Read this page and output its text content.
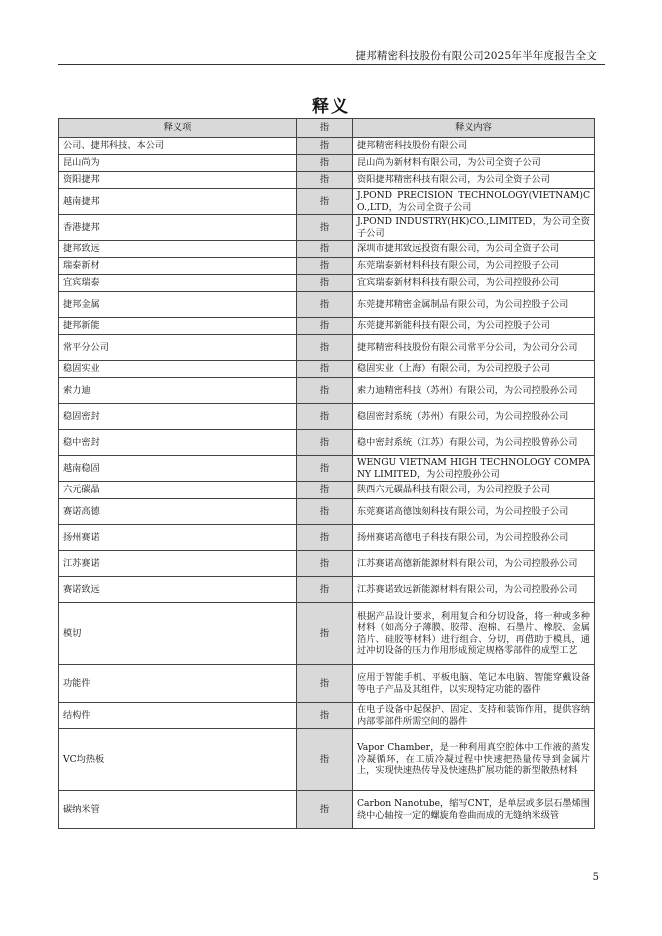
捷邦精密科技股份有限公司2025年半年度报告全文
释义
释义项	指	释义内容
公司、捷邦科技、本公司	指	捷邦精密科技股份有限公司
昆山尚为	指	昆山尚为新材料有限公司，为公司全资子公司
资阳捷邦	指	资阳捷邦精密科技有限公司，为公司全资子公司
越南捷邦	指	J.POND PRECISION TECHNOLOGY(VIETNAM)CO.,LTD，为公司全资子公司
香港捷邦	指	J.POND INDUSTRY(HK)CO.,LIMITED，为公司全资子公司
捷邦致远	指	深圳市捷邦致远投资有限公司，为公司全资子公司
瑞泰新材	指	东莞瑞泰新材料科技有限公司，为公司控股子公司
宜宾瑞泰	指	宜宾瑞泰新材料科技有限公司，为公司控股孙公司
捷邦金属	指	东莞捷邦精密金属制品有限公司，为公司控股子公司
捷邦新能	指	东莞捷邦新能科技有限公司，为公司控股子公司
常平分公司	指	捷邦精密科技股份有限公司常平分公司，为公司分公司
稳固实业	指	稳固实业（上海）有限公司，为公司控股子公司
索力迪	指	索力迪精密科技（苏州）有限公司，为公司控股孙公司
稳固密封	指	稳固密封系统（苏州）有限公司，为公司控股孙公司
稳中密封	指	稳中密封系统（江苏）有限公司，为公司控股曾孙公司
越南稳固	指	WENGU VIETNAM HIGH TECHNOLOGY COMPANY LIMITED，为公司控股孙公司
六元碳晶	指	陕西六元碳晶科技有限公司，为公司控股子公司
赛诺高德	指	东莞赛诺高德蚀刻科技有限公司，为公司控股子公司
扬州赛诺	指	扬州赛诺高德电子科技有限公司，为公司控股孙公司
江苏赛诺	指	江苏赛诺高德新能源材料有限公司，为公司控股孙公司
赛诺致远	指	江苏赛诺致远新能源材料有限公司，为公司控股孙公司
模切	指	根据产品设计要求，利用复合和分切设备，将一种或多种材料（如高分子薄膜、胶带、泡棉、石墨片、橡胶、金属箔片、硅胶等材料）进行组合、分切，再借助于模具，通过冲切设备的压力作用形成预定规格零部件的成型工艺
功能件	指	应用于智能手机、平板电脑、笔记本电脑、智能穿戴设备等电子产品及其组件，以实现特定功能的器件
结构件	指	在电子设备中起保护、固定、支持和装饰作用，提供容纳内部零部件所需空间的器件
VC均热板	指	Vapor Chamber，是一种利用真空腔体中工作液的蒸发冷凝循环，在工质冷凝过程中快速把热量传导到金属片上，实现快速热传导及快速热扩展功能的新型散热材料
碳纳米管	指	Carbon Nanotube，缩写CNT，是单层或多层石墨烯围绕中心轴按一定的螺旋角卷曲而成的无缝纳米级管
5
